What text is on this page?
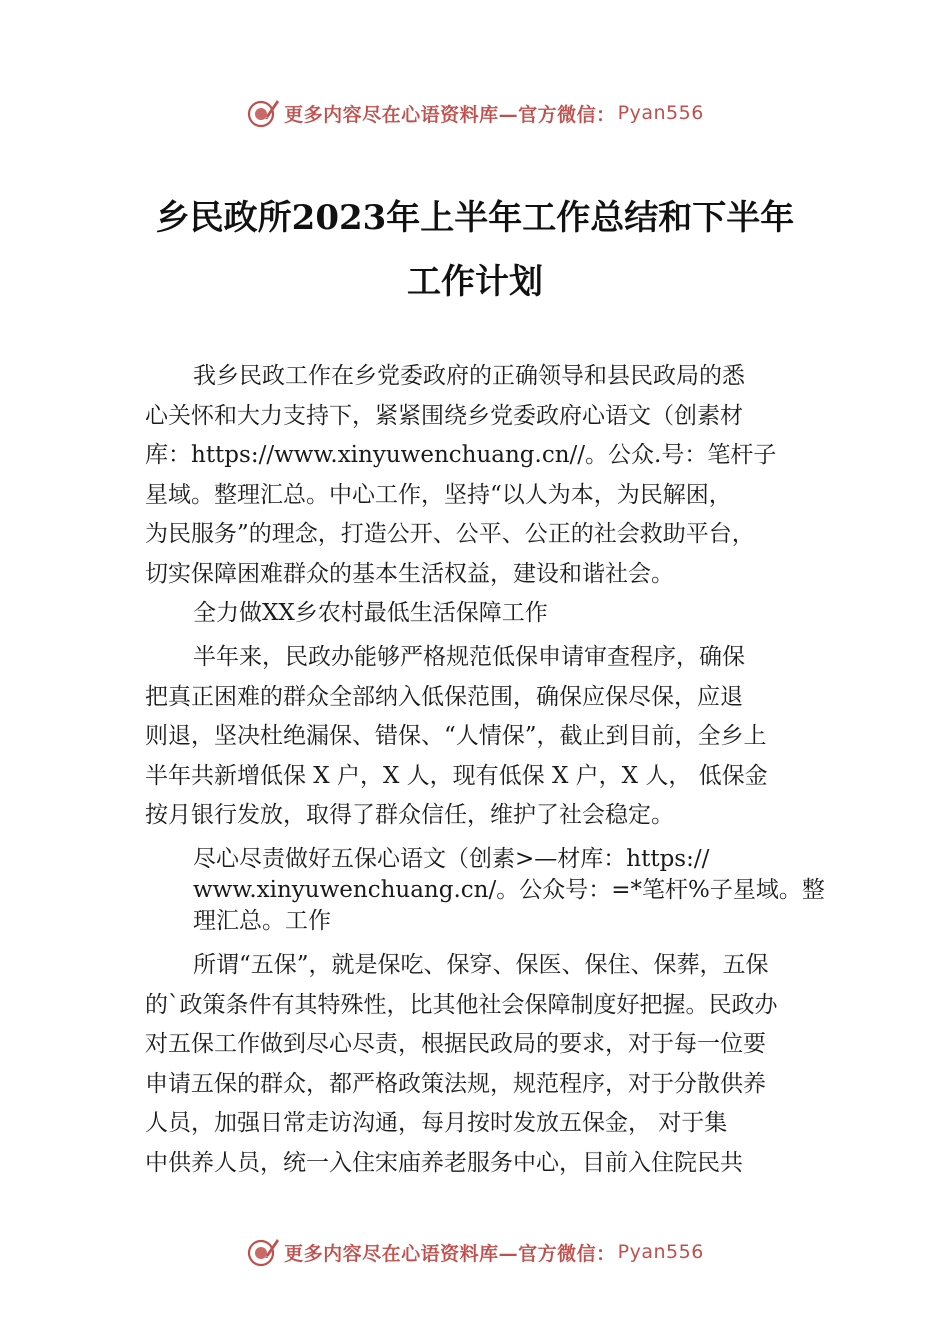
更多内容尽在心语资料库—官方微信： Pyan556
乡民政所2023年上半年工作总结和下半年
工作计划
我乡民政工作在乡党委政府的正确领导和县民政局的悉
心关怀和大力支持下，紧紧围绕乡党委政府心语文（创素材
库：https://www.xinyuwenchuang.cn//。公众.号：笔杆子
星域。整理汇总。中心工作，坚持“以人为本，为民解困，
为民服务”的理念，打造公开、公平、公正的社会救助平台，
切实保障困难群众的基本生活权益，建设和谐社会。
全力做XX乡农村最低生活保障工作
半年来，民政办能够严格规范低保申请审查程序，确保
把真正困难的群众全部纳入低保范围，确保应保尽保，应退
则退，坚决杜绝漏保、错保、“人情保”，截止到目前，全乡上
半年共新增低保 X 户，X 人，现有低保 X 户，X 人， 低保金
按月银行发放，取得了群众信任，维护了社会稳定。
尽心尽责做好五保心语文（创素>—材库：https://
www.xinyuwenchuang.cn/。公众号：=*笔杆%子星域。整
理汇总。工作
所谓“五保”，就是保吃、保穿、保医、保住、保葬，五保
的`政策条件有其特殊性，比其他社会保障制度好把握。民政办
对五保工作做到尽心尽责，根据民政局的要求，对于每一位要
申请五保的群众，都严格政策法规，规范程序，对于分散供养
人员，加强日常走访沟通，每月按时发放五保金， 对于集
中供养人员，统一入住宋庙养老服务中心，目前入住院民共
更多内容尽在心语资料库—官方微信： Pyan556
